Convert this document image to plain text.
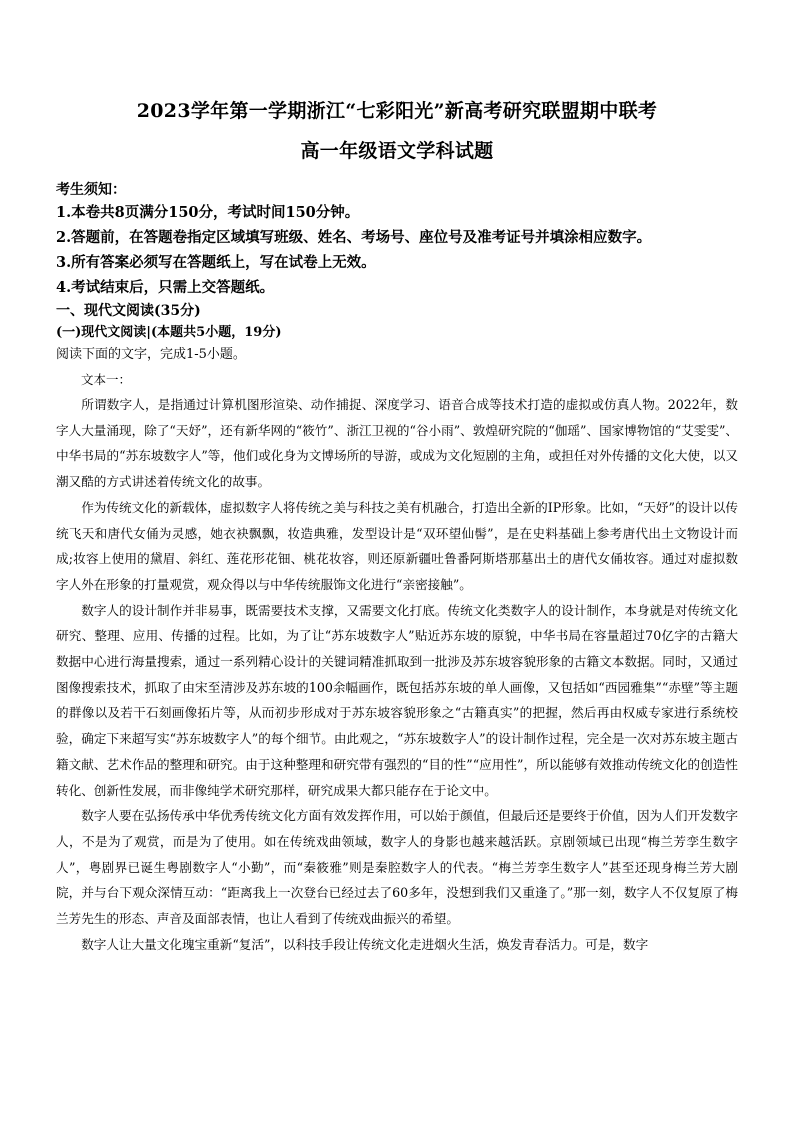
2023学年第一学期浙江“七彩阳光”新高考研究联盟期中联考
高一年级语文学科试题
考生须知：
1.本卷共8页满分150分，考试时间150分钟。
2.答题前，在答题卷指定区域填写班级、姓名、考场号、座位号及准考证号并填涂相应数字。
3.所有答案必须写在答题纸上，写在试卷上无效。
4.考试结束后，只需上交答题纸。
一、现代文阅读(35分)
(一)现代文阅读|(本题共5小题，19分)
阅读下面的文字，完成1-5小题。
文本一：

所谓数字人，是指通过计算机图形渲染、动作捕捉、深度学习、语音合成等技术打造的虚拟或仿真人物。2022年，数字人大量涌现，除了“天妤”，还有新华网的“筱竹”、浙江卫视的“谷小雨”、敦煌研究院的“伽瑶”、国家博物馆的“艾雯雯”、中华书局的“苏东坡数字人”等，他们或化身为文博场所的导游，或成为文化短剧的主角，或担任对外传播的文化大使，以又潮又酷的方式讲述着传统文化的故事。

作为传统文化的新载体，虚拟数字人将传统之美与科技之美有机融合，打造出全新的IP形象。比如，“天妤”的设计以传统飞天和唐代女俑为灵感，她衣袂飘飘，妆造典雅，发型设计是“双环望仙髻”，是在史料基础上参考唐代出土文物设计而成;妆容上使用的黛眉、斜红、莲花形花钿、桃花妆容，则还原新疆吐鲁番阿斯塔那墓出土的唐代女俑妆容。通过对虚拟数字人外在形象的打量观赏，观众得以与中华传统服饰文化进行“亲密接触”。

数字人的设计制作并非易事，既需要技术支撑，又需要文化打底。传统文化类数字人的设计制作，本身就是对传统文化研究、整理、应用、传播的过程。比如，为了让“苏东坡数字人”贴近苏东坡的原貌，中华书局在容量超过70亿字的古籍大数据中心进行海量搜索，通过一系列精心设计的关键词精准抓取到一批涉及苏东坡容貌形象的古籍文本数据。同时，又通过图像搜索技术，抓取了由宋至清涉及苏东坡的100余幅画作，既包括苏东坡的单人画像，又包括如“西园雅集”“赤壁”等主题的群像以及若干石刻画像拓片等，从而初步形成对于苏东坡容貌形象之“古籍真实”的把握，然后再由权威专家进行系统校验，确定下来超写实“苏东坡数字人”的每个细节。由此观之，“苏东坡数字人”的设计制作过程，完全是一次对苏东坡主题古籍文献、艺术作品的整理和研究。由于这种整理和研究带有强烈的“目的性”“应用性”，所以能够有效推动传统文化的创造性转化、创新性发展，而非像纯学术研究那样，研究成果大都只能存在于论文中。

数字人要在弘扬传承中华优秀传统文化方面有效发挥作用，可以始于颜值，但最后还是要终于价值，因为人们开发数字人，不是为了观赏，而是为了使用。如在传统戏曲领域，数字人的身影也越来越活跃。京剧领域已出现“梅兰芳孪生数字人”，粤剧界已诞生粤剧数字人“小勤”，而“秦筱雅”则是秦腔数字人的代表。“梅兰芳孪生数字人”甚至还现身梅兰芳大剧院，并与台下观众深情互动：“距离我上一次登台已经过去了60多年，没想到我们又重逢了。”那一刻，数字人不仅复原了梅兰芳先生的形态、声音及面部表情，也让人看到了传统戏曲振兴的希望。

数字人让大量文化瑰宝重新“复活”，以科技手段让传统文化走进烟火生活，焕发青春活力。可是，数字
